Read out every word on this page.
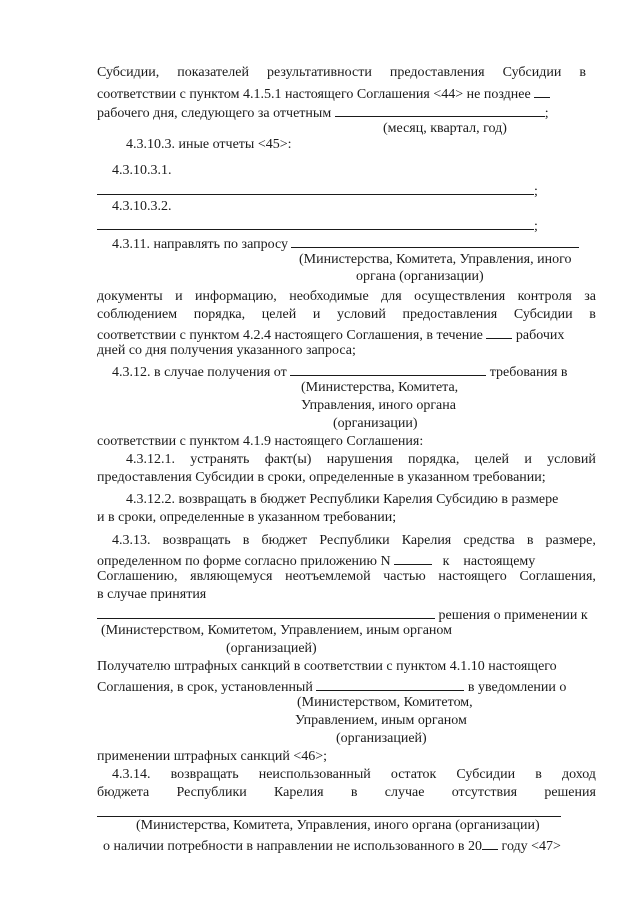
Субсидии, показателей результативности предоставления Субсидии в
соответствии с пунктом 4.1.5.1 настоящего Соглашения <44> не позднее
рабочего дня, следующего за отчетным	;
(месяц, квартал, год)
4.3.10.3. иные отчеты <45>:
4.3.10.3.1.
;
4.3.10.3.2.
;
4.3.11. направлять по запросу
(Министерства, Комитета, Управления, иного
органа (организации)
документы и информацию, необходимые для осуществления контроля за
соблюдением порядка, целей и условий предоставления Субсидии в
соответствии с пунктом 4.2.4 настоящего Соглашения, в течение рабочих
дней со дня получения указанного запроса;
4.3.12. в случае получения от	требования в
(Министерства, Комитета,
Управления, иного органа
(организации)
соответствии с пунктом 4.1.9 настоящего Соглашения:
4.3.12.1. устранять факт(ы) нарушения порядка, целей и условий
предоставления Субсидии в сроки, определенные в указанном требовании;
4.3.12.2. возвращать в бюджет Республики Карелия Субсидию в размере
и в сроки, определенные в указанном требовании;
4.3.13. возвращать в бюджет Республики Карелия средства в размере,
определенном по форме согласно приложению N	к настоящему
Соглашению, являющемуся неотъемлемой частью настоящего Соглашения,
в случае принятия
решения о применении к
(Министерством, Комитетом, Управлением, иным органом
(организацией)
Получателю штрафных санкций в соответствии с пунктом 4.1.10 настоящего
Соглашения, в срок, установленный	в уведомлении о
(Министерством, Комитетом,
Управлением, иным органом
(организацией)
применении штрафных санкций <46>;
4.3.14. возвращать неиспользованный остаток Субсидии в доход
бюджета Республики Карелия в случае отсутствия решения
(Министерства, Комитета, Управления, иного органа (организации)
о наличии потребности в направлении не использованного в 20 году <47>
